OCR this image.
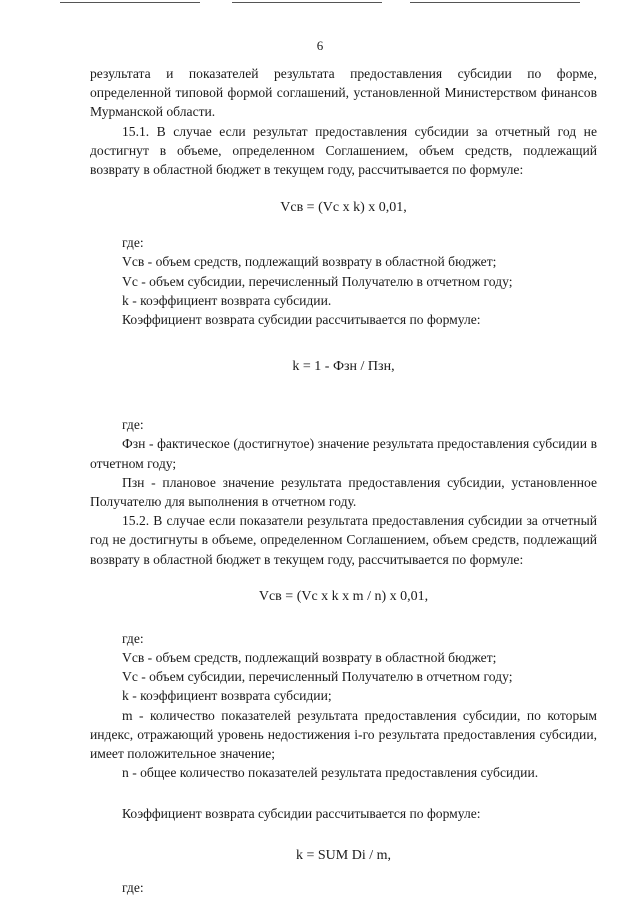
6

результата и показателей результата предоставления субсидии по форме, определенной типовой формой соглашений, установленной Министерством финансов Мурманской области.

15.1. В случае если результат предоставления субсидии за отчетный год не достигнут в объеме, определенном Соглашением, объем средств, подлежащий возврату в областной бюджет в текущем году, рассчитывается по формуле:

Vcв = (Vc x k) x 0,01,

где:

Vcв - объем средств, подлежащий возврату в областной бюджет;

Vc - объем субсидии, перечисленный Получателю в отчетном году;

k - коэффициент возврата субсидии.

Коэффициент возврата субсидии рассчитывается по формуле:

k = 1 - Фзн / Пзн,

где:

Фзн - фактическое (достигнутое) значение результата предоставления субсидии в отчетном году;

Пзн - плановое значение результата предоставления субсидии, установленное Получателю для выполнения в отчетном году.

15.2. В случае если показатели результата предоставления субсидии за отчетный год не достигнуты в объеме, определенном Соглашением, объем средств, подлежащий возврату в областной бюджет в текущем году, рассчитывается по формуле:

Vcв = (Vc x k x m / n) x 0,01,

где:

Vcв - объем средств, подлежащий возврату в областной бюджет;

Vc - объем субсидии, перечисленный Получателю в отчетном году;

k - коэффициент возврата субсидии;

m - количество показателей результата предоставления субсидии, по которым индекс, отражающий уровень недостижения i-го результата предоставления субсидии, имеет положительное значение;

n - общее количество показателей результата предоставления субсидии.

Коэффициент возврата субсидии рассчитывается по формуле:

k = SUM Di / m,

где:
